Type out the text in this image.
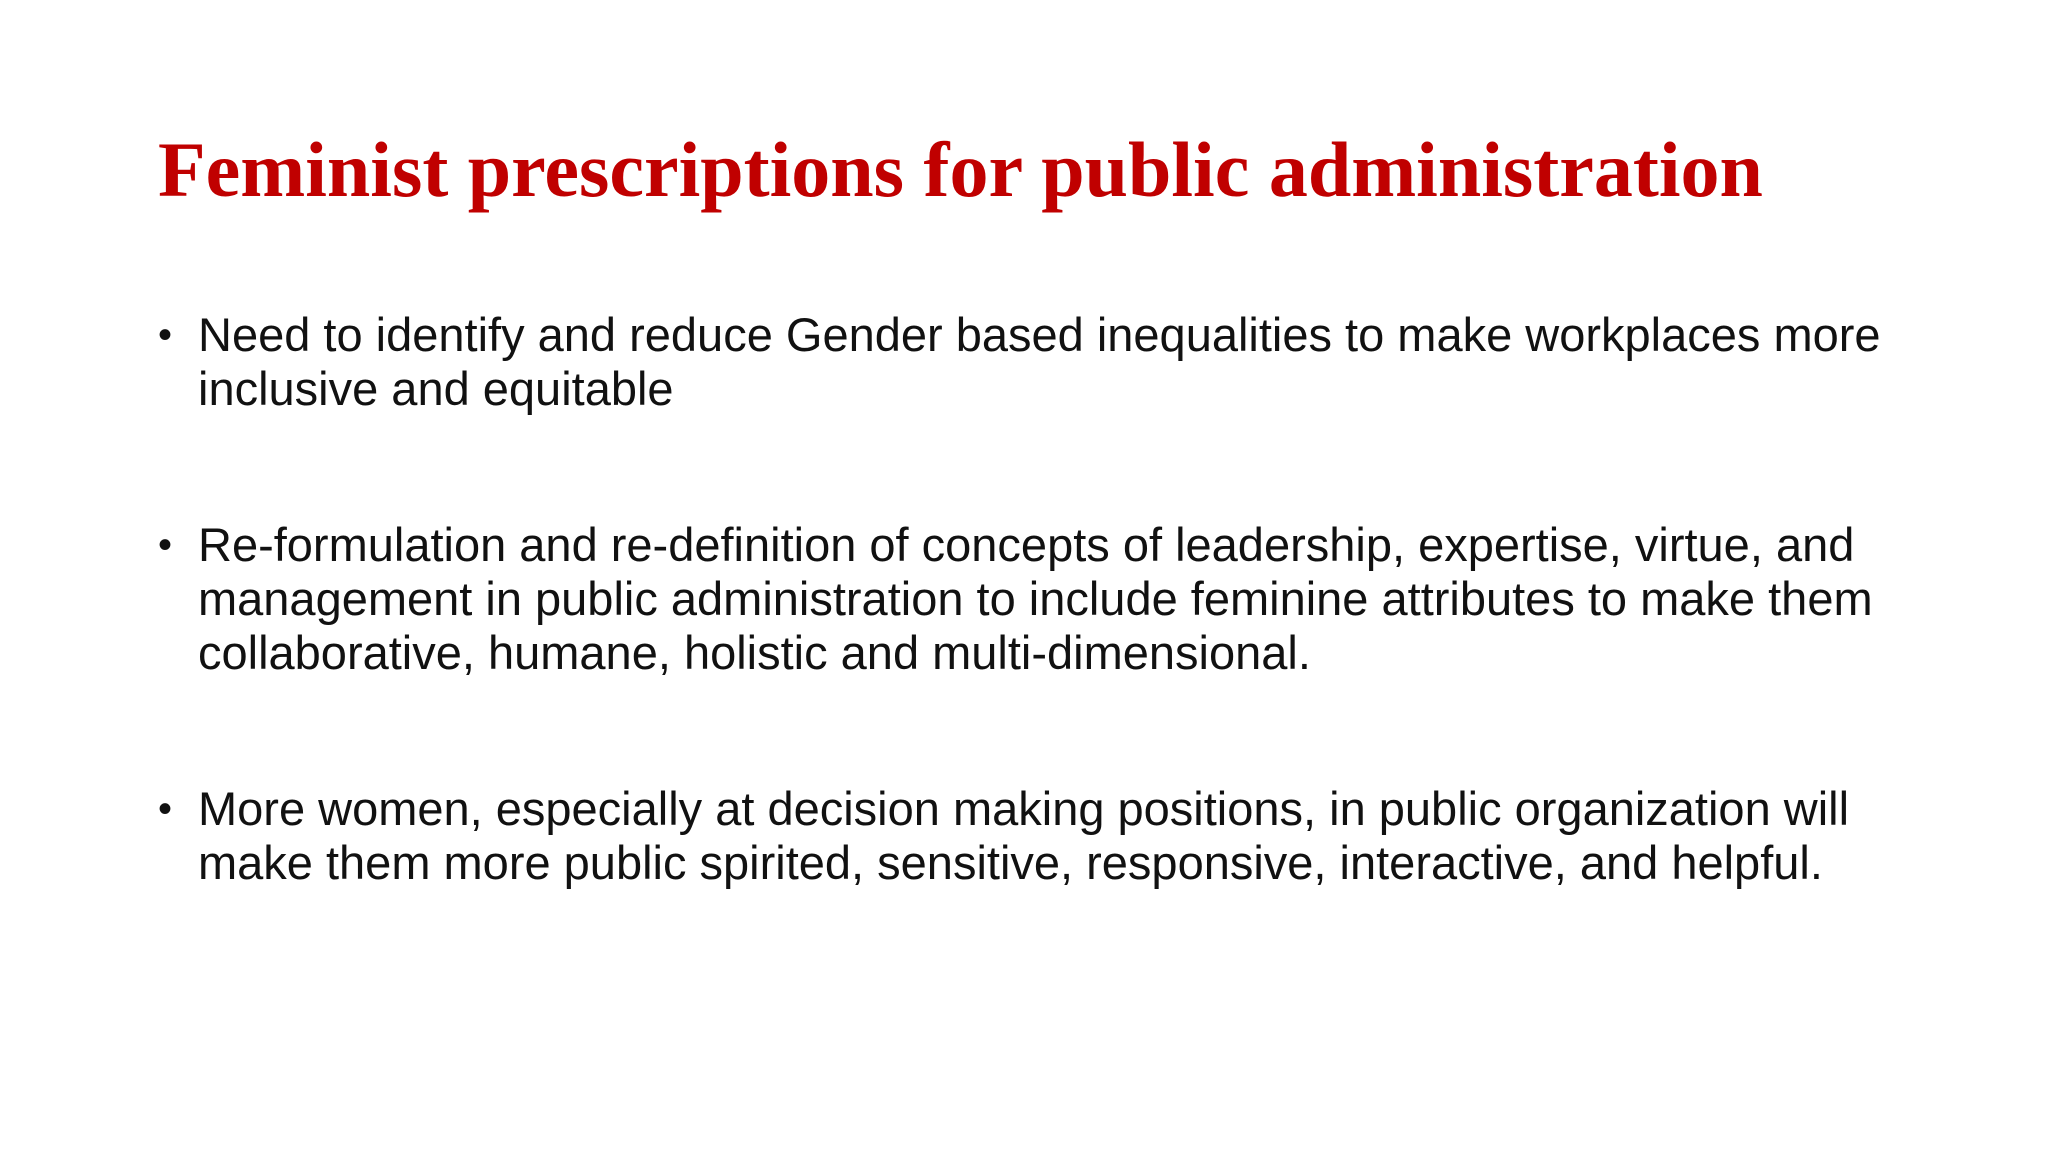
Feminist prescriptions for public administration
• Need to identify and reduce Gender based inequalities to make workplaces more inclusive and equitable
• Re-formulation and re-definition of concepts of leadership, expertise, virtue, and management in public administration to include feminine attributes to make them collaborative, humane, holistic and multi-dimensional.
• More women, especially at decision making positions, in public organization will make them more public spirited, sensitive, responsive, interactive, and helpful.
